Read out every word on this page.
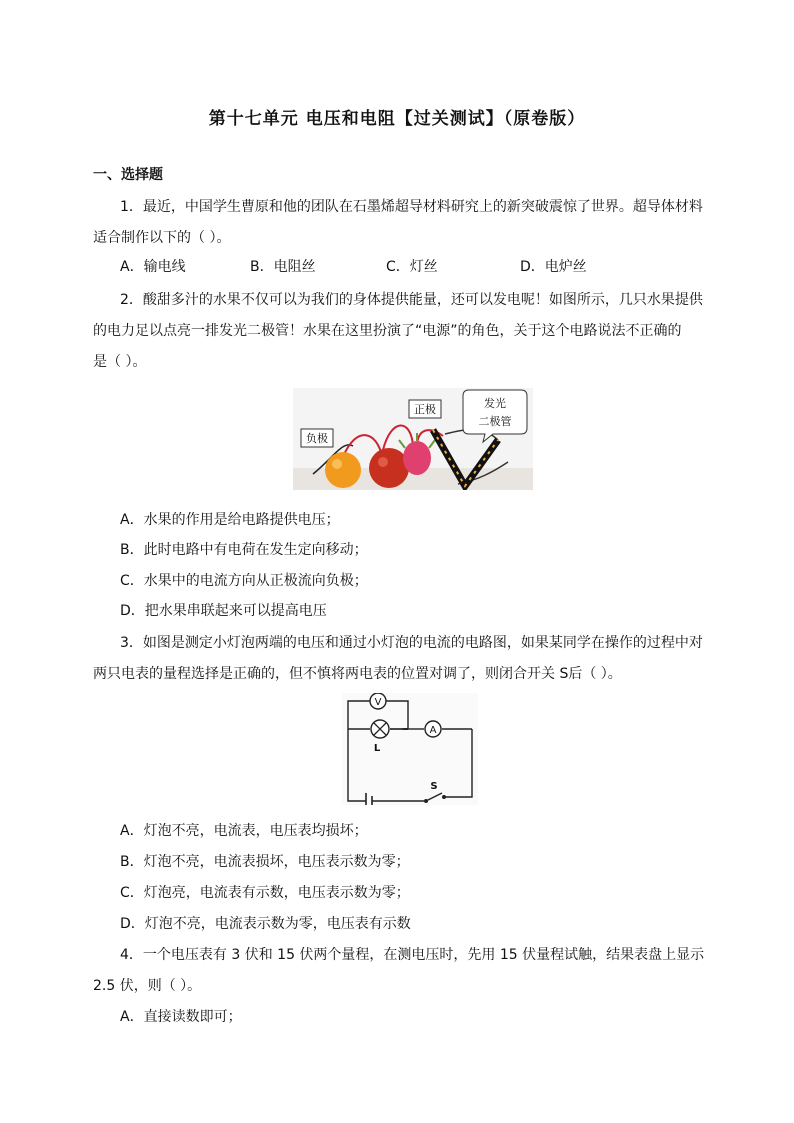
第十七单元 电压和电阻【过关测试】（原卷版）
一、选择题
1．最近，中国学生曹原和他的团队在石墨烯超导材料研究上的新突破震惊了世界。超导体材料
适合制作以下的（ ）。
A．输电线	B．电阻丝	C．灯丝	D．电炉丝
2．酸甜多汁的水果不仅可以为我们的身体提供能量，还可以发电呢！如图所示，几只水果提供
的电力足以点亮一排发光二极管！水果在这里扮演了“电源”的角色，关于这个电路说法不正确的
是（ ）。
负极
正极	发光
二极管
A．水果的作用是给电路提供电压；
B．此时电路中有电荷在发生定向移动；
C．水果中的电流方向从正极流向负极；
D．把水果串联起来可以提高电压
3．如图是测定小灯泡两端的电压和通过小灯泡的电流的电路图，如果某同学在操作的过程中对
两只电表的量程选择是正确的，但不慎将两电表的位置对调了，则闭合开关 S后（ ）。
V
L
A
S
A．灯泡不亮，电流表，电压表均损坏；
B．灯泡不亮，电流表损坏，电压表示数为零；
C．灯泡亮，电流表有示数，电压表示数为零；
D．灯泡不亮，电流表示数为零，电压表有示数
4．一个电压表有 3 伏和 15 伏两个量程，在测电压时，先用 15 伏量程试触，结果表盘上显示
2.5 伏，则（ ）。
A．直接读数即可；
